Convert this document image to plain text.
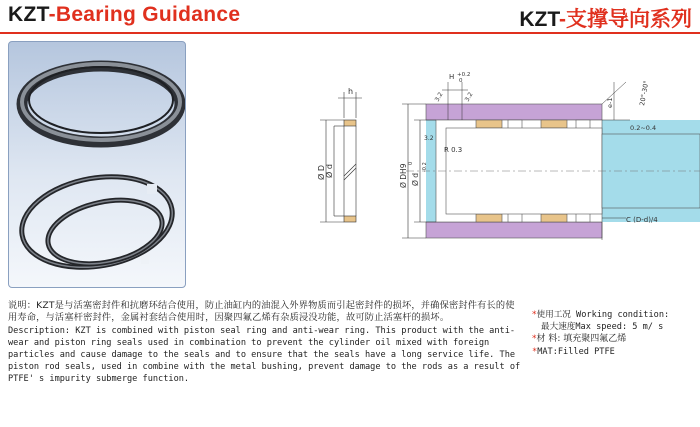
KZT-Bearing Guidance	KZT-支撑导向系列
h
Ø D Ø d
H +0.2
0
3.2	3.2
3.2
R 0.3
Ø DH9 Ø d
0 -0.2
e-1	20°-30°
0.2~0.4
C (D-d)/4

说明：KZT是与活塞密封件和抗磨环结合使用，防止油缸内的油混入外界物质而引起密封件的损坏，并确保密封件有长的使用寿命，与活塞杆密封件，金属衬套结合使用时，因聚四氟乙烯有杂质浸没功能，故可防止活塞杆的损坏。

Description: KZT is combined with piston seal ring and anti-wear ring. This product with the anti-wear and piston ring seals used in combination to prevent the cylinder oil mixed with foreign particles and cause damage to the seals and to ensure that the seals have a long service life. The piston rod seals, used in combine with the metal bushing, prevent damage to the rods as a result of PTFE' s impurity submerge function.

*使用工况 Working condition:
最大速度Max speed: 5 m/ s
*材 料: 填充聚四氟乙烯
*MAT:Filled PTFE
